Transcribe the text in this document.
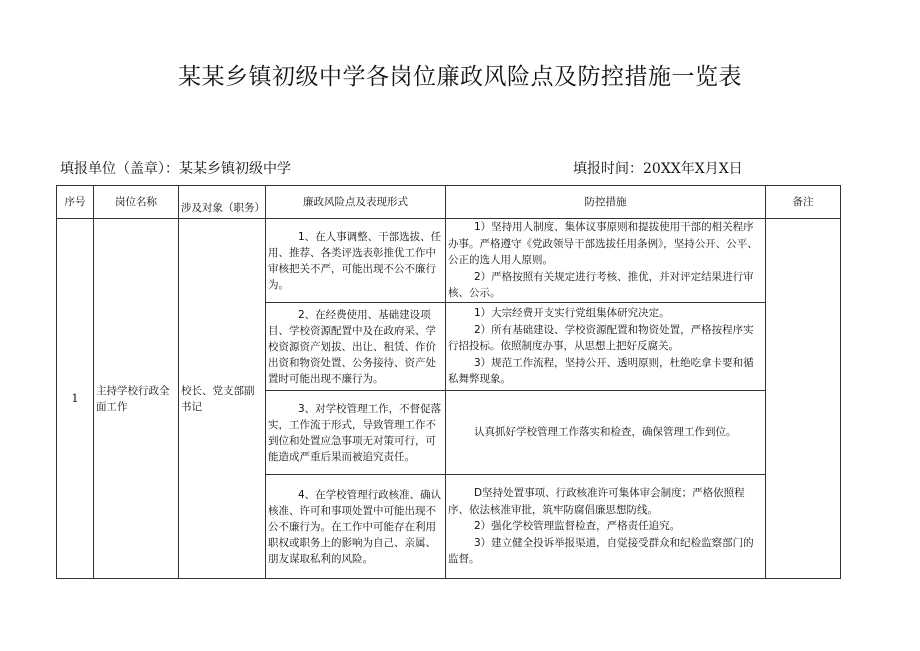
某某乡镇初级中学各岗位廉政风险点及防控措施一览表
填报单位（盖章）：某某乡镇初级中学	填报时间：20XX年X月X日
序号	岗位名称	涉及对象（职务）	廉政风险点及表现形式	防控措施	备注
1	主持学校行政全面工作	校长、党支部副书记	1、在人事调整、干部选拔、任用、推荐、各类评选表彰推优工作中审核把关不严，可能出现不公不廉行为。	1）坚持用人制度、集体议事原则和提拔使用干部的相关程序办事。严格遵守《党政领导干部选拔任用条例》，坚持公开、公平、公正的选人用人原则。

2）严格按照有关规定进行考核、推优，并对评定结果进行审核、公示。	

			2、在经费使用、基础建设项目、学校资源配置中及在政府采、学校资源资产划拔、出让、租赁、作价出资和物资处置、公务接待、资产处置时可能出现不廉行为。	1）大宗经费开支实行党组集体研究决定。

2）所有基础建设、学校资源配置和物资处置，严格按程序实行招投标。依照制度办事，从思想上把好反腐关。

3）规范工作流程，坚持公开、透明原则，杜绝吃拿卡要和循私舞弊现象。	

			3、对学校管理工作，不督促落实，工作流于形式，导致管理工作不到位和处置应急事项无对策可行，可能造成严重后果而被追究责任。	认真抓好学校管理工作落实和检查，确保管理工作到位。	

			4、在学校管理行政核准、确认核准、许可和事项处置中可能出现不公不廉行为。在工作中可能存在利用职权或职务上的影响为自己、亲属、朋友谋取私利的风险。	D坚持处置事项、行政核准许可集体审会制度；严格依照程序、依法核准审批，筑牢防腐倡廉思想防线。

2）强化学校管理监督检查，严格责任追究。

3）建立健全投诉举报渠道，自觉接受群众和纪检监察部门的监督。	
